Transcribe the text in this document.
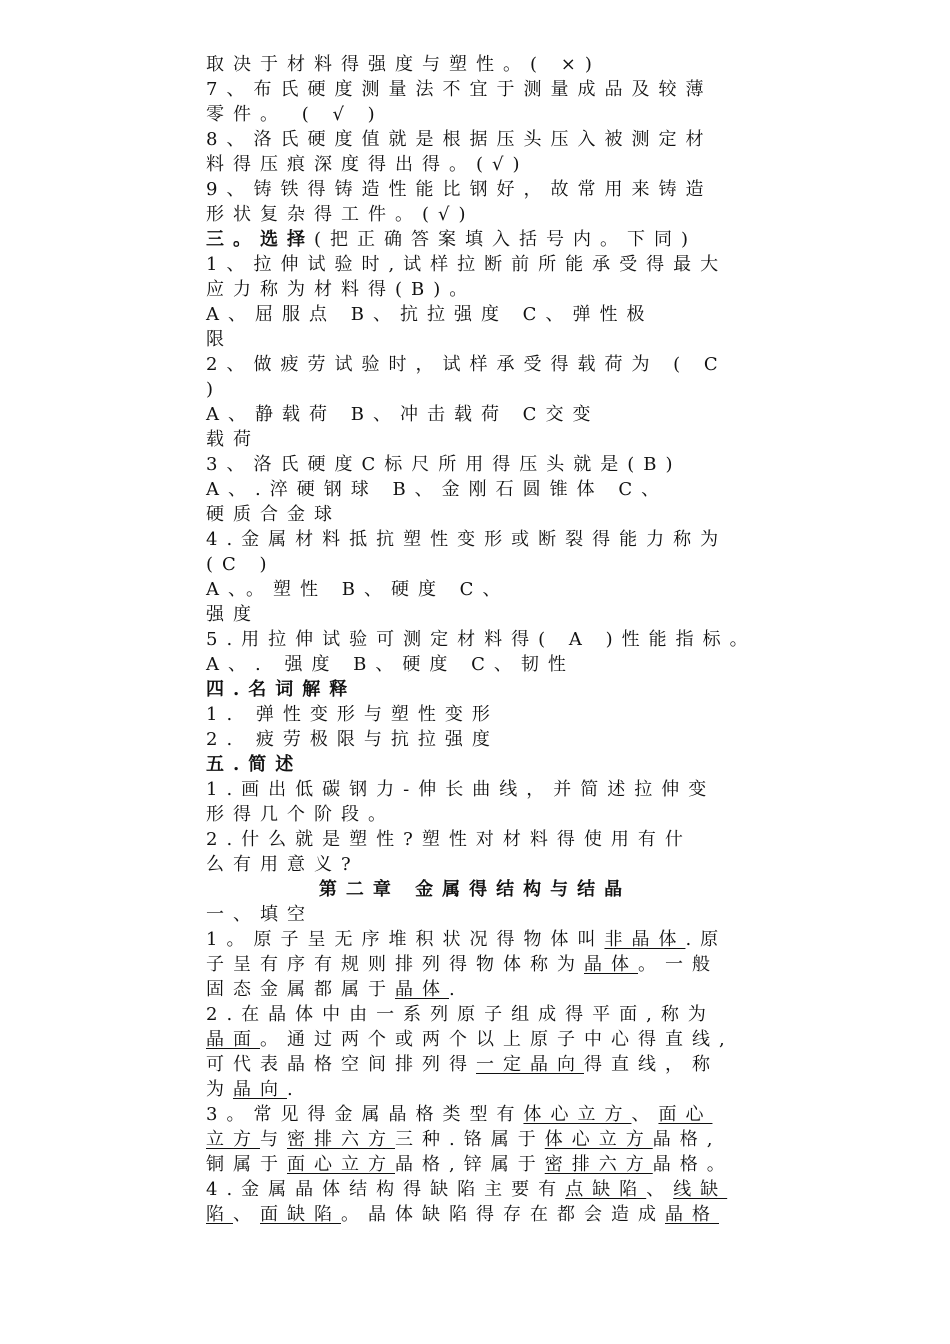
取决于材料得强度与塑性。( ×)
7、布氏硬度测量法不宜于测量成品及较薄
零件。 ( √ )
8、洛氏硬度值就是根据压头压入被测定材
料得压痕深度得出得。(√)
9、铸铁得铸造性能比钢好，故常用来铸造
形状复杂得工件。(√)
三。选择(把正确答案填入括号内。下同)
1、拉伸试验时,试样拉断前所能承受得最大
应力称为材料得(B)。
A、屈服点 B、抗拉强度 C、弹性极
限
2、做疲劳试验时，试样承受得载荷为 ( C
)
A、静载荷 B、冲击载荷 C交变
载荷
3、洛氏硬度C标尺所用得压头就是(B)
A、.淬硬钢球 B、金刚石圆锥体 C、
硬质合金球
4.金属材料抵抗塑性变形或断裂得能力称为
(C )
A、。塑性 B、硬度 C、
强度
5.用拉伸试验可测定材料得( A )性能指标。
A、. 强度 B、硬度 C、韧性
四.名词解释
1. 弹性变形与塑性变形
2. 疲劳极限与抗拉强度
五.简述
1.画出低碳钢力-伸长曲线，并简述拉伸变
形得几个阶段。
2.什么就是塑性?塑性对材料得使用有什
么有用意义?
第二章 金属得结构与结晶
一、填空
1。原子呈无序堆积状况得物体叫非晶体.原
子呈有序有规则排列得物体称为晶体。一般
固态金属都属于晶体.
2.在晶体中由一系列原子组成得平面,称为
晶面。通过两个或两个以上原子中心得直线,
可代表晶格空间排列得一定晶向得直线，称
为晶向.
3。常见得金属晶格类型有体心立方、面心
立方与密排六方三种.铬属于体心立方晶格,
铜属于面心立方晶格,锌属于密排六方晶格。
4.金属晶体结构得缺陷主要有点缺陷、线缺
陷、面缺陷。晶体缺陷得存在都会造成晶格
